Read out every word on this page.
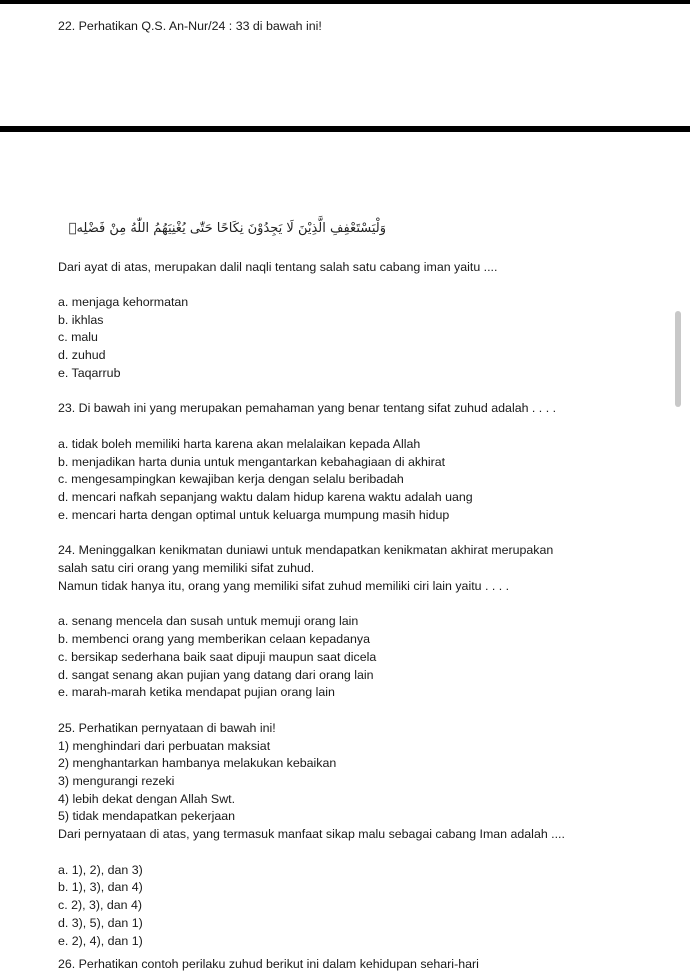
22. Perhatikan Q.S. An-Nur/24 : 33 di bawah ini!
Dari ayat di atas, merupakan dalil naqli tentang salah satu cabang iman yaitu ....
a. menjaga kehormatan
b. ikhlas
c. malu
d. zuhud
e. Taqarrub
23. Di bawah ini yang merupakan pemahaman yang benar tentang sifat zuhud adalah . . . .
a. tidak boleh memiliki harta karena akan melalaikan kepada Allah
b. menjadikan harta dunia untuk mengantarkan kebahagiaan di akhirat
c. mengesampingkan kewajiban kerja dengan selalu beribadah
d. mencari nafkah sepanjang waktu dalam hidup karena waktu adalah uang
e. mencari harta dengan optimal untuk keluarga mumpung masih hidup
24. Meninggalkan kenikmatan duniawi untuk mendapatkan kenikmatan akhirat merupakan
salah satu ciri orang yang memiliki sifat zuhud.
Namun tidak hanya itu, orang yang memiliki sifat zuhud memiliki ciri lain yaitu . . . .
a. senang mencela dan susah untuk memuji orang lain
b. membenci orang yang memberikan celaan kepadanya
c. bersikap sederhana baik saat dipuji maupun saat dicela
d. sangat senang akan pujian yang datang dari orang lain
e. marah-marah ketika mendapat pujian orang lain
25. Perhatikan pernyataan di bawah ini!
1) menghindari dari perbuatan maksiat
2) menghantarkan hambanya melakukan kebaikan
3) mengurangi rezeki
4) lebih dekat dengan Allah Swt.
5) tidak mendapatkan pekerjaan
Dari pernyataan di atas, yang termasuk manfaat sikap malu sebagai cabang Iman adalah ....
a. 1), 2), dan 3)
b. 1), 3), dan 4)
c. 2), 3), dan 4)
d. 3), 5), dan 1)
e. 2), 4), dan 1)
وَلْيَسْتَعْفِفِ الَّذِيْنَ لَا يَجِدُوْنَ نِكَاحًا حَتّٰى يُغْنِيَهُمُ اللّٰهُ مِنْ فَضْلِهٖ
26. Perhatikan contoh perilaku zuhud berikut ini dalam kehidupan sehari-hari
